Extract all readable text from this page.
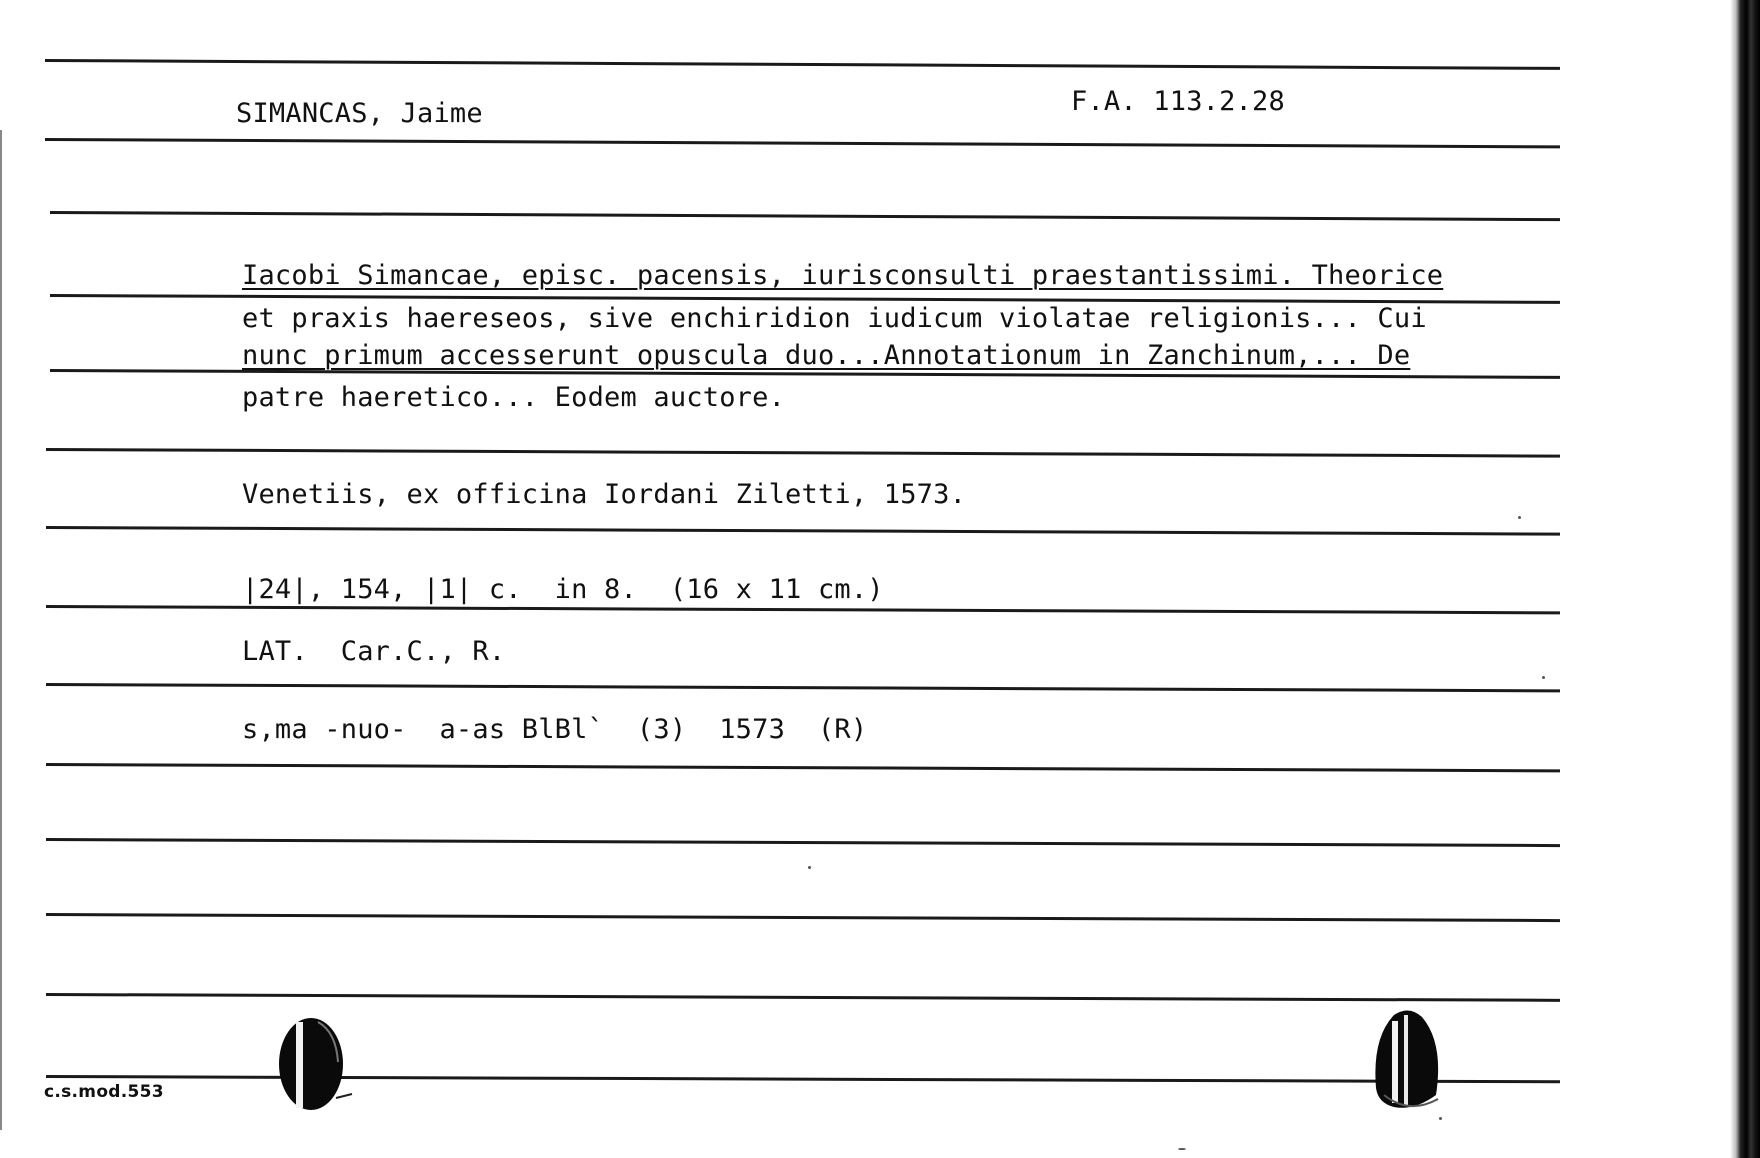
SIMANCAS, Jaime	F.A. 113.2.28
Iacobi Simancae, episc. pacensis, iurisconsulti praestantissimi. Theorice
et praxis haereseos, sive enchiridion iudicum violatae religionis... Cui
nunc primum accesserunt opuscula duo...Annotationum in Zanchinum,... De
patre haeretico... Eodem auctore.
Venetiis, ex officina Iordani Ziletti, 1573.
|24|, 154, |1| c.  in 8.  (16 x 11 cm.)
LAT.  Car.C., R.
s,ma -nuo-  a-as BlBl`  (3)  1573  (R)
c.s.mod.553
